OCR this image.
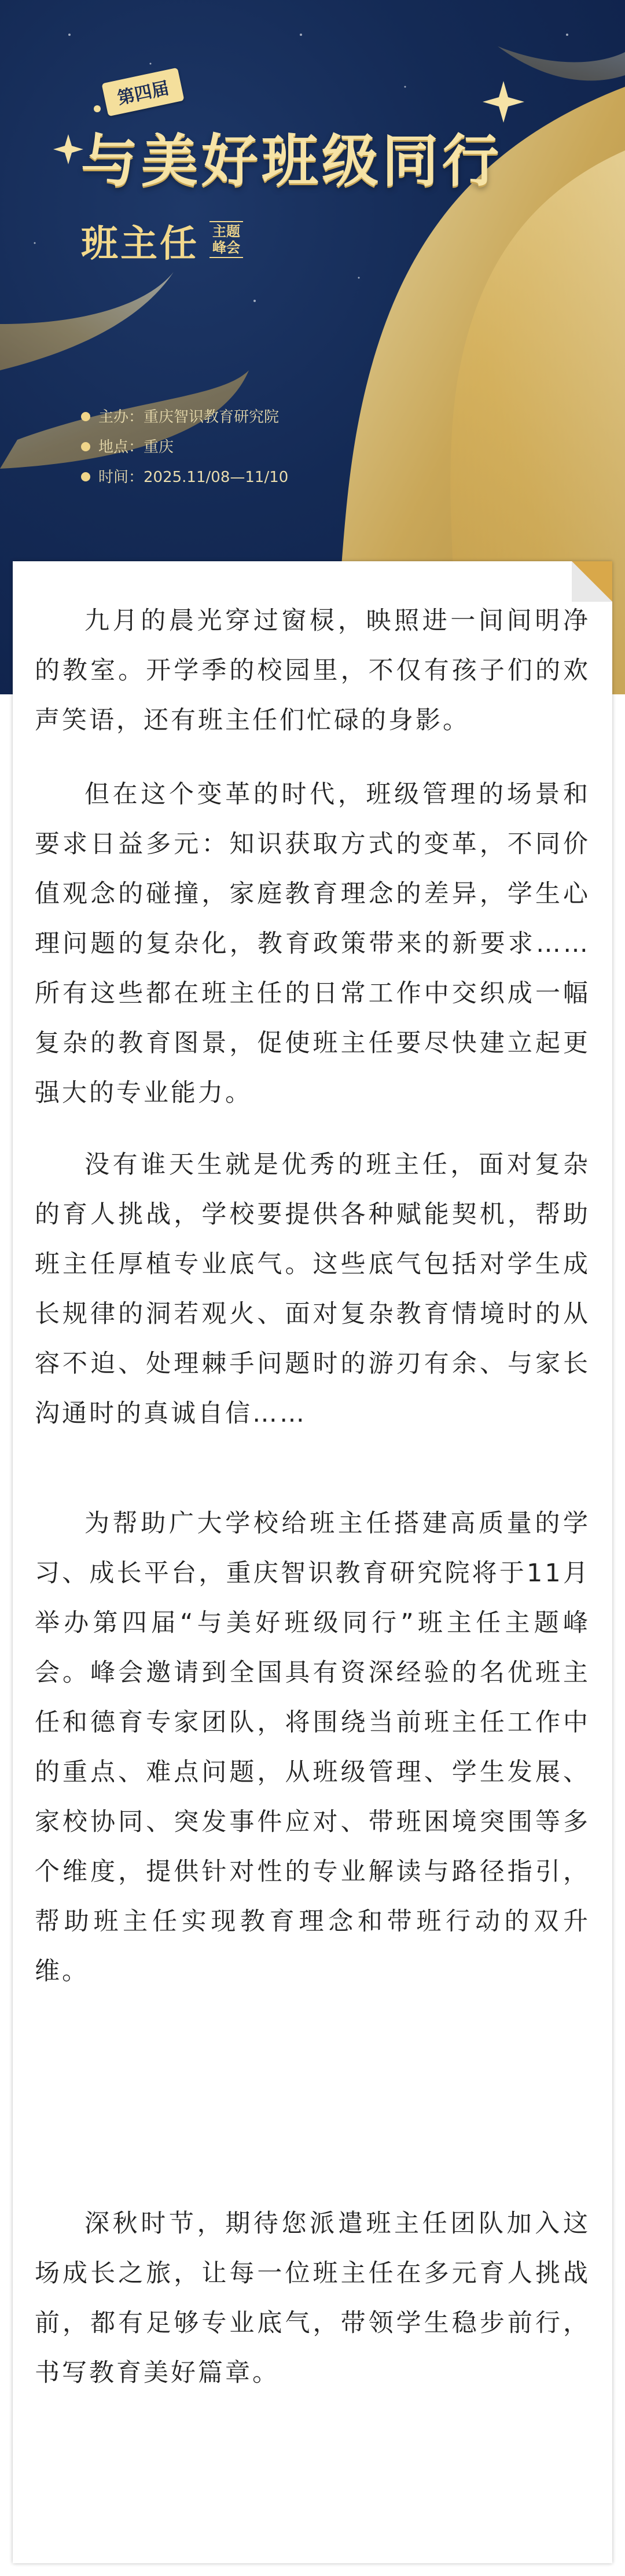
第四届
与美好班级同行
班主任 主题峰会
主办：重庆智识教育研究院
地点：重庆
时间：2025.11/08—11/10

九月的晨光穿过窗棂，映照进一间间明净的教室。开学季的校园里，不仅有孩子们的欢声笑语，还有班主任们忙碌的身影。

但在这个变革的时代，班级管理的场景和要求日益多元：知识获取方式的变革，不同价值观念的碰撞，家庭教育理念的差异，学生心理问题的复杂化，教育政策带来的新要求……所有这些都在班主任的日常工作中交织成一幅复杂的教育图景，促使班主任要尽快建立起更强大的专业能力。

没有谁天生就是优秀的班主任，面对复杂的育人挑战，学校要提供各种赋能契机，帮助班主任厚植专业底气。这些底气包括对学生成长规律的洞若观火、面对复杂教育情境时的从容不迫、处理棘手问题时的游刃有余、与家长沟通时的真诚自信……

为帮助广大学校给班主任搭建高质量的学习、成长平台，重庆智识教育研究院将于11月举办第四届“与美好班级同行”班主任主题峰会。峰会邀请到全国具有资深经验的名优班主任和德育专家团队，将围绕当前班主任工作中的重点、难点问题，从班级管理、学生发展、家校协同、突发事件应对、带班困境突围等多个维度，提供针对性的专业解读与路径指引，帮助班主任实现教育理念和带班行动的双升维。

深秋时节，期待您派遣班主任团队加入这场成长之旅，让每一位班主任在多元育人挑战前，都有足够专业底气，带领学生稳步前行，书写教育美好篇章。
